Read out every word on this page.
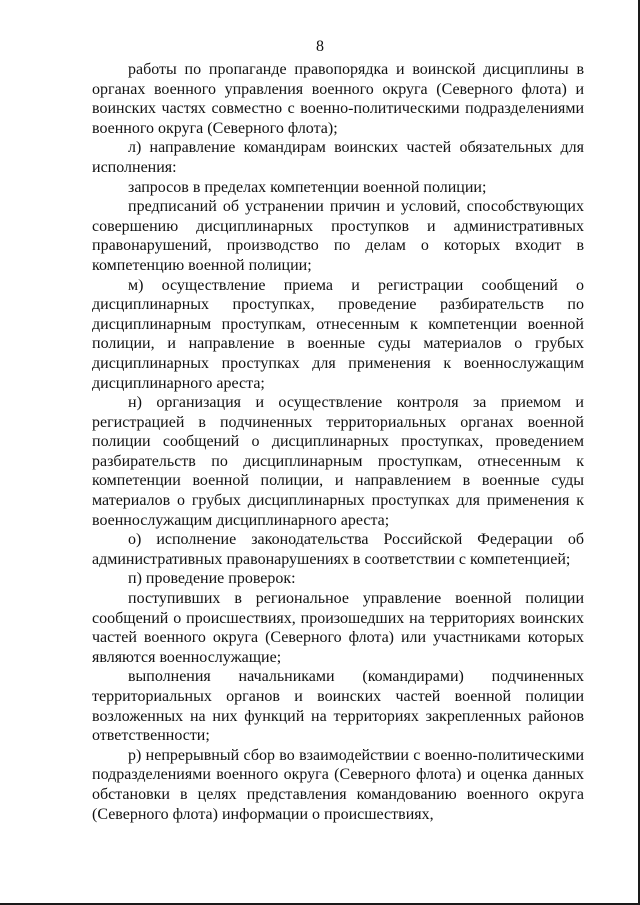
8

работы по пропаганде правопорядка и воинской дисциплины в органах военного управления военного округа (Северного флота) и воинских частях совместно с военно-политическими подразделениями военного округа (Северного флота);

л) направление командирам воинских частей обязательных для исполнения:

запросов в пределах компетенции военной полиции;

предписаний об устранении причин и условий, способствующих совершению дисциплинарных проступков и административных правонарушений, производство по делам о которых входит в компетенцию военной полиции;

м) осуществление приема и регистрации сообщений о дисциплинарных проступках, проведение разбирательств по дисциплинарным проступкам, отнесенным к компетенции военной полиции, и направление в военные суды материалов о грубых дисциплинарных проступках для применения к военнослужащим дисциплинарного ареста;

н) организация и осуществление контроля за приемом и регистрацией в подчиненных территориальных органах военной полиции сообщений о дисциплинарных проступках, проведением разбирательств по дисциплинарным проступкам, отнесенным к компетенции военной полиции, и направлением в военные суды материалов о грубых дисциплинарных проступках для применения к военнослужащим дисциплинарного ареста;

о) исполнение законодательства Российской Федерации об административных правонарушениях в соответствии с компетенцией;

п) проведение проверок:

поступивших в региональное управление военной полиции сообщений о происшествиях, произошедших на территориях воинских частей военного округа (Северного флота) или участниками которых являются военнослужащие;

выполнения начальниками (командирами) подчиненных территориальных органов и воинских частей военной полиции возложенных на них функций на территориях закрепленных районов ответственности;

р) непрерывный сбор во взаимодействии с военно-политическими подразделениями военного округа (Северного флота) и оценка данных обстановки в целях представления командованию военного округа (Северного флота) информации о происшествиях,
